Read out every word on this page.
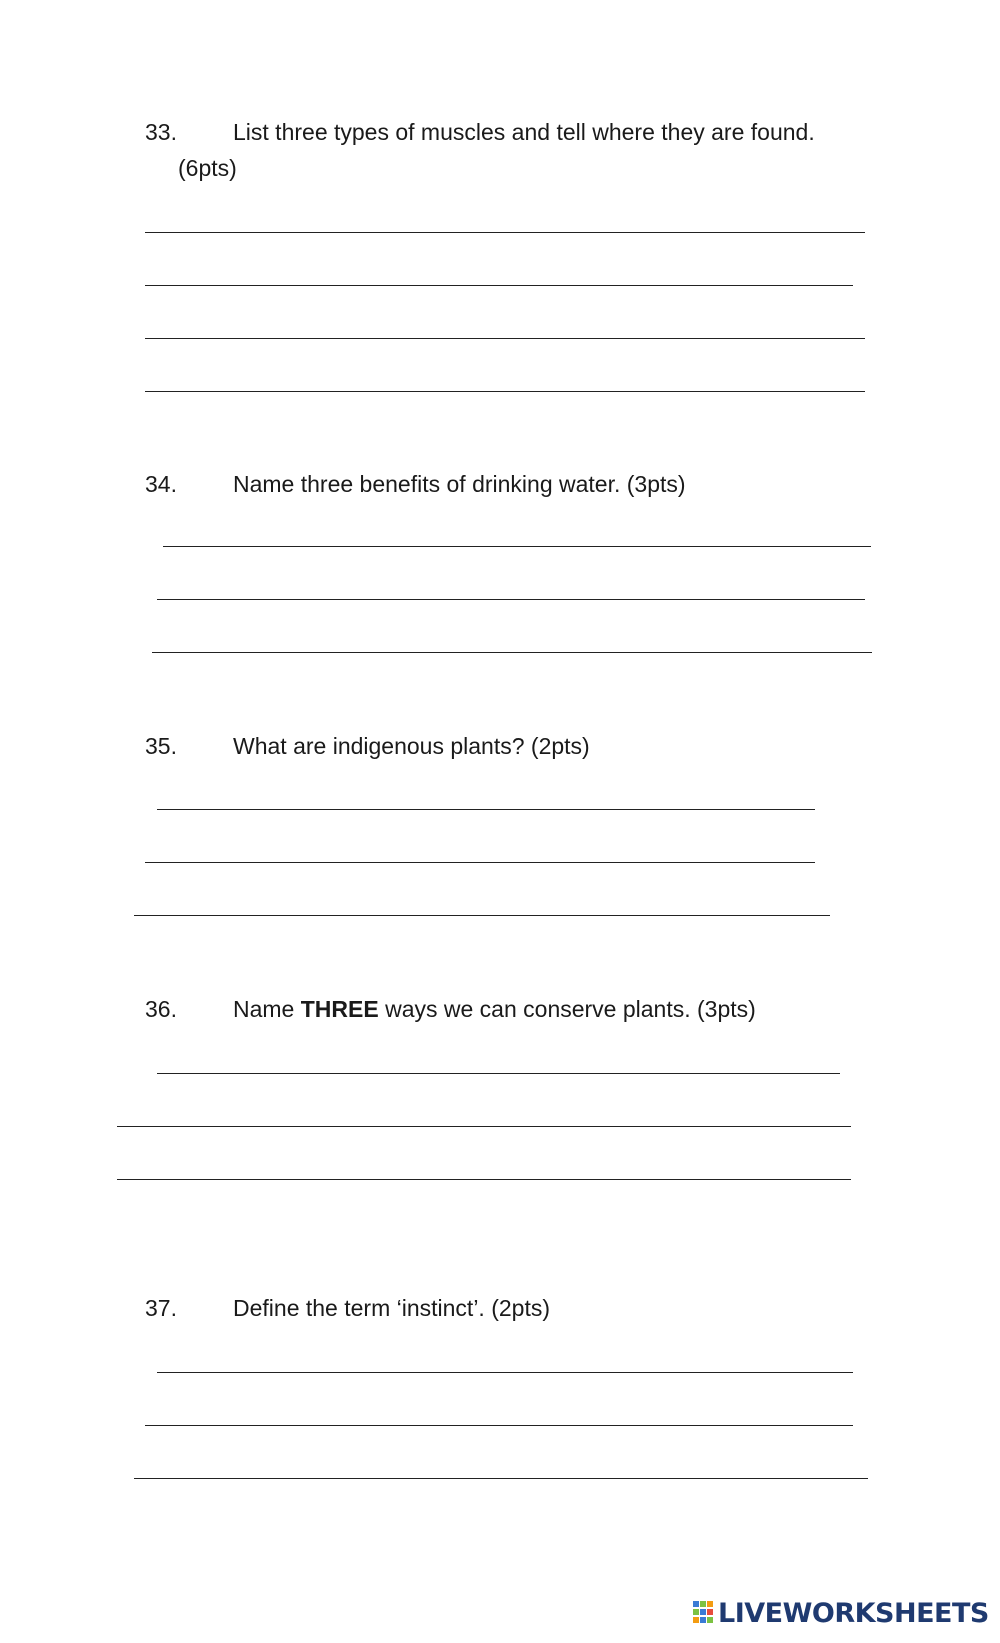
33. List three types of muscles and tell where they are found.
(6pts)
34. Name three benefits of drinking water. (3pts)
35. What are indigenous plants? (2pts)
36. Name THREE ways we can conserve plants. (3pts)
37. Define the term ‘instinct’. (2pts)
LIVEWORKSHEETS
